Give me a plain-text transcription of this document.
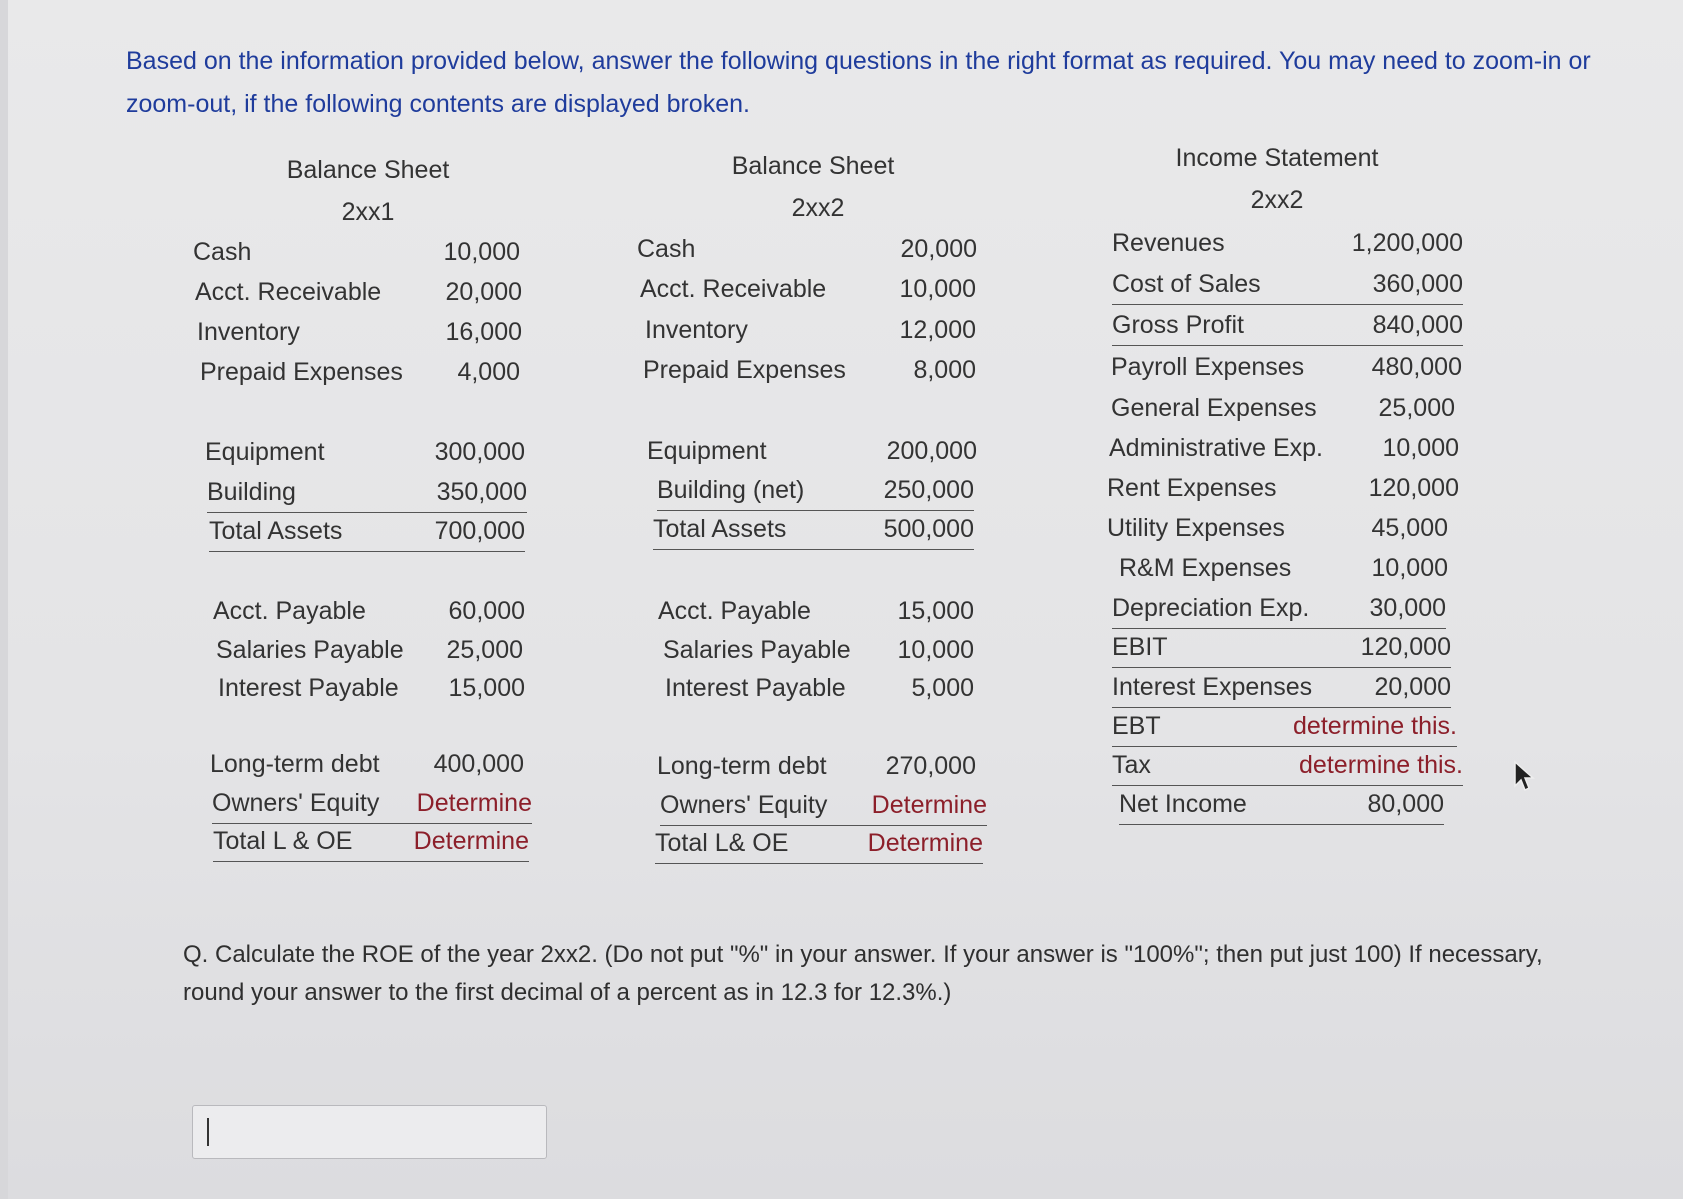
Based on the information provided below, answer the following questions in the right format as required. You may need to zoom-in or zoom-out, if the following contents are displayed broken.
Balance Sheet
2xx1
Cash	10,000
Acct. Receivable	20,000
Inventory	16,000
Prepaid Expenses 4,000
Equipment	300,000
Building	350,000
Total Assets	700,000
Acct. Payable	60,000
Salaries Payable 25,000
Interest Payable 15,000
Long-term debt 400,000
Owners' Equity Determine
Total L & OE Determine
Balance Sheet
2xx2
Cash	20,000
Acct. Receivable	10,000
Inventory	12,000
Prepaid Expenses	8,000
Equipment	200,000
Building (net)	250,000
Total Assets	500,000
Acct. Payable	15,000
Salaries Payable 10,000
Interest Payable	5,000
Long-term debt 270,000
Owners' Equity Determine
Total L& OE	Determine
Income Statement
2xx2
Revenues	1,200,000
Cost of Sales	360,000
Gross Profit	840,000
Payroll Expenses	480,000
General Expenses 25,000
Administrative Exp. 10,000
Rent Expenses	120,000
Utility Expenses	45,000
R&M Expenses	10,000
Depreciation Exp. 30,000
EBIT	120,000
Interest Expenses 20,000
EBT	determine this.
Tax	determine this.
Net Income	80,000
Q. Calculate the ROE of the year 2xx2. (Do not put "%" in your answer. If your answer is "100%"; then put just 100) If necessary, round your answer to the first decimal of a percent as in 12.3 for 12.3%.)
